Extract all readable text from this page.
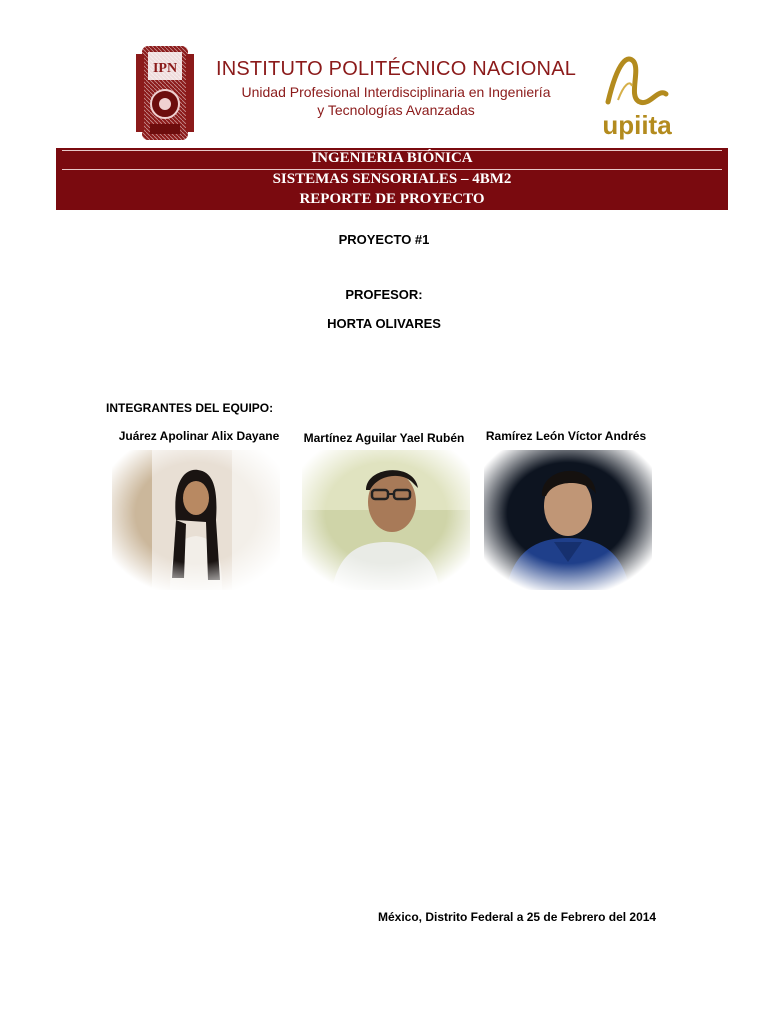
IPN INSTITUTO POLITÉCNICO NACIONAL
Unidad Profesional Interdisciplinaria en Ingeniería
y Tecnologías Avanzadas	upiita
INGENIERIA BIÓNICA
SISTEMAS SENSORIALES – 4BM2
REPORTE DE PROYECTO
PROYECTO #1
PROFESOR:
HORTA OLIVARES
INTEGRANTES DEL EQUIPO:
Juárez Apolinar Alix Dayane	Martínez Aguilar Yael Rubén	Ramírez León Víctor Andrés
México, Distrito Federal a 25 de Febrero del 2014
